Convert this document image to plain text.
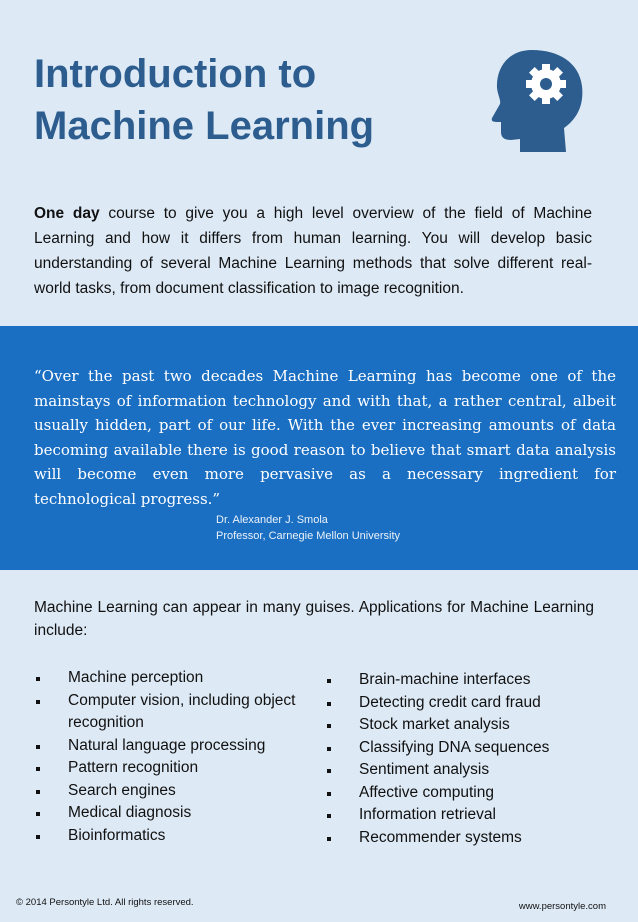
Introduction to
Machine Learning

One day course to give you a high level overview of the field of Machine Learning and how it differs from human learning. You will develop basic understanding of several Machine Learning methods that solve different real-world tasks, from document classification to image recognition.

“Over the past two decades Machine Learning has become one of the mainstays of information technology and with that, a rather central, albeit usually hidden, part of our life. With the ever increasing amounts of data becoming available there is good reason to believe that smart data analysis will become even more pervasive as a necessary ingredient for technological progress.”

Dr. Alexander J. Smola
Professor, Carnegie Mellon University

Machine Learning can appear in many guises. Applications for Machine Learning include:

Machine perception
Computer vision, including object recognition
Natural language processing
Pattern recognition
Search engines
Medical diagnosis
Bioinformatics
Brain-machine interfaces
Detecting credit card fraud
Stock market analysis
Classifying DNA sequences
Sentiment analysis
Affective computing
Information retrieval
Recommender systems
© 2014 Persontyle Ltd. All rights reserved.	www.persontyle.com
